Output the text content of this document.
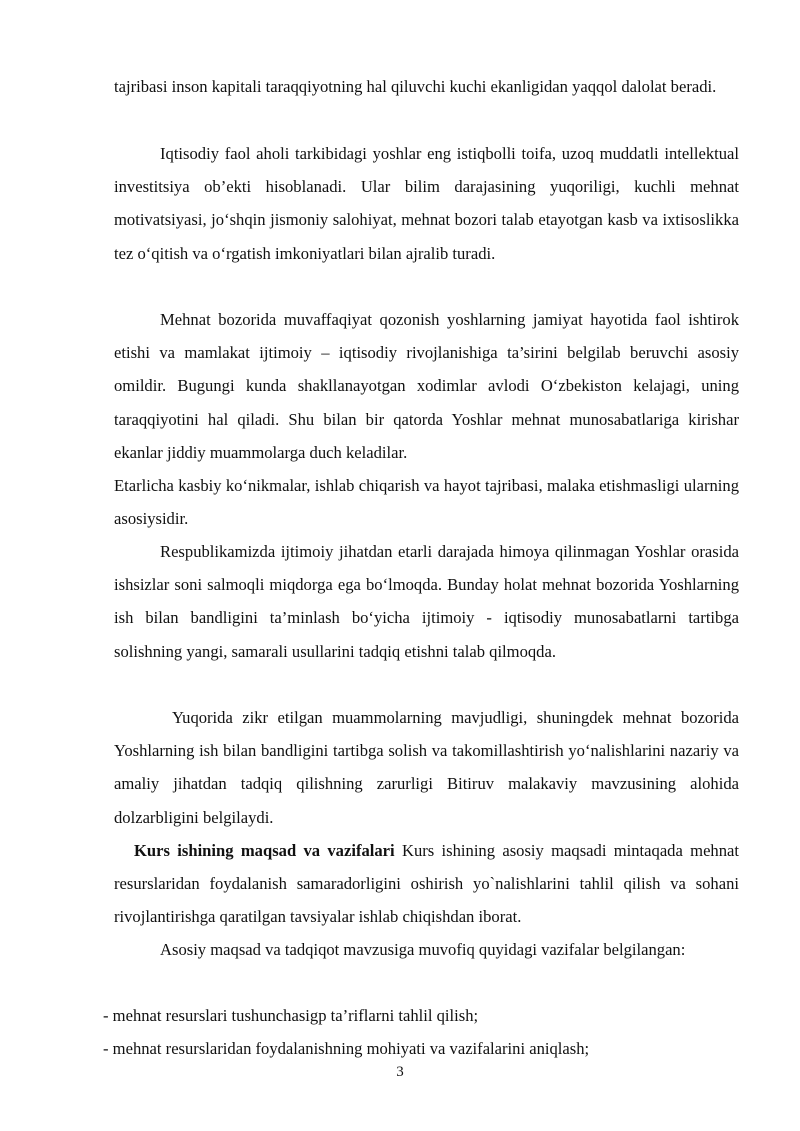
tajribasi inson kapitali taraqqiyotning hal qiluvchi kuchi ekanligidan yaqqol dalolat beradi.

Iqtisodiy faol aholi tarkibidagi yoshlar eng istiqbolli toifa, uzoq muddatli intellektual investitsiya ob’ekti hisoblanadi. Ular bilim darajasining yuqoriligi, kuchli mehnat motivatsiyasi, jo‘shqin jismoniy salohiyat, mehnat bozori talab etayotgan kasb va ixtisoslikka tez o‘qitish va o‘rgatish imkoniyatlari bilan ajralib turadi.

Mehnat bozorida muvaffaqiyat qozonish yoshlarning jamiyat hayotida faol ishtirok etishi va mamlakat ijtimoiy – iqtisodiy rivojlanishiga ta’sirini belgilab beruvchi asosiy omildir. Bugungi kunda shakllanayotgan xodimlar avlodi O‘zbekiston kelajagi, uning taraqqiyotini hal qiladi. Shu bilan bir qatorda Yoshlar mehnat munosabatlariga kirishar ekanlar jiddiy muammolarga duch keladilar.

Etarlicha kasbiy ko‘nikmalar, ishlab chiqarish va hayot tajribasi, malaka etishmasligi ularning asosiysidir.

Respublikamizda ijtimoiy jihatdan etarli darajada himoya qilinmagan Yoshlar orasida ishsizlar soni salmoqli miqdorga ega bo‘lmoqda. Bunday holat mehnat bozorida Yoshlarning ish bilan bandligini ta’minlash bo‘yicha ijtimoiy - iqtisodiy munosabatlarni tartibga solishning yangi, samarali usullarini tadqiq etishni talab qilmoqda.

Yuqorida zikr etilgan muammolarning mavjudligi, shuningdek mehnat bozorida Yoshlarning ish bilan bandligini tartibga solish va takomillashtirish yo‘nalishlarini nazariy va amaliy jihatdan tadqiq qilishning zarurligi Bitiruv malakaviy mavzusining alohida dolzarbligini belgilaydi.

Kurs ishining maqsad va vazifalari Kurs ishining asosiy maqsadi mintaqada mehnat resurslaridan foydalanish samaradorligini oshirish yo`nalishlarini tahlil qilish va sohani rivojlantirishga qaratilgan tavsiyalar ishlab chiqishdan iborat.

Asosiy maqsad va tadqiqot mavzusiga muvofiq quyidagi vazifalar belgilangan:

- mehnat resurslari tushunchasigp ta’riflarni tahlil qilish;

- mehnat resurslaridan foydalanishning mohiyati va vazifalarini aniqlash;

3
